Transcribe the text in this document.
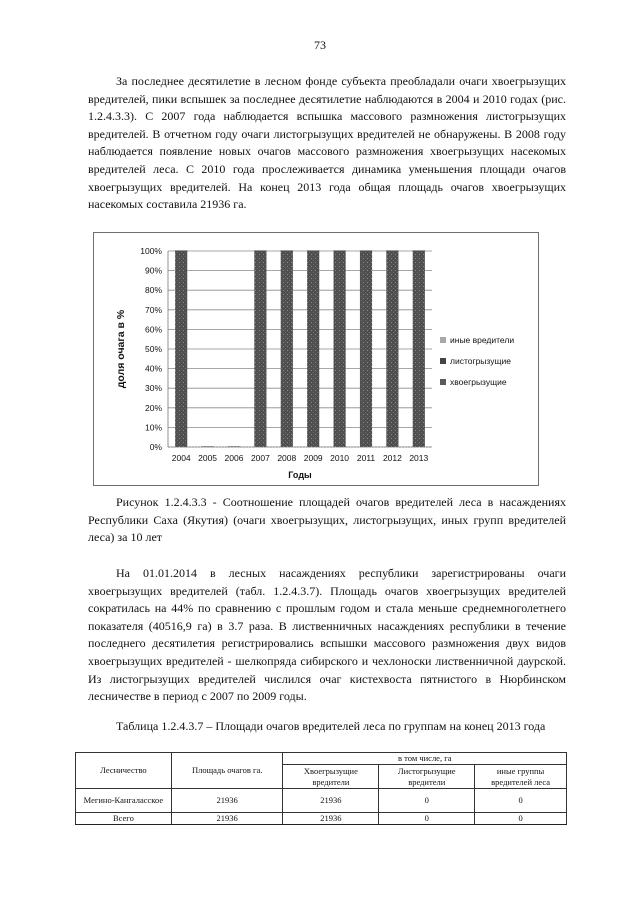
73

За последнее десятилетие в лесном фонде субъекта преобладали очаги хвоегрызущих вредителей, пики вспышек за последнее десятилетие наблюдаются в 2004 и 2010 годах (рис. 1.2.4.3.3). С 2007 года наблюдается вспышка массового размножения листогрызущих вредителей. В отчетном году очаги листогрызущих вредителей не обнаружены. В 2008 году наблюдается появление новых очагов массового размножения хвоегрызущих насекомых вредителей леса. С 2010 года прослеживается динамика уменьшения площади очагов хвоегрызущих вредителей. На конец 2013 года общая площадь очагов хвоегрызущих насекомых составила 21936 га.

0%
10%
20%
30%
40%
50%
60%
70%
80%
90%
100%
2004 2005 2006 2007 2008 2009 2010 2011 2012 2013
доля очага в %
Годы
иные вредители
листогрызущие
хвоегрызущие

Рисунок 1.2.4.3.3 - Соотношение площадей очагов вредителей леса в насаждениях Республики Саха (Якутия) (очаги хвоегрызущих, листогрызущих, иных групп вредителей леса) за 10 лет

На 01.01.2014 в лесных насаждениях республики зарегистрированы очаги хвоегрызущих вредителей (табл. 1.2.4.3.7). Площадь очагов хвоегрызущих вредителей сократилась на 44% по сравнению с прошлым годом и стала меньше среднемноголетнего показателя (40516,9 га) в 3.7 раза. В лиственничных насаждениях республики в течение последнего десятилетия регистрировались вспышки массового размножения двух видов хвоегрызущих вредителей - шелкопряда сибирского и чехлоноски лиственничной даурской. Из листогрызущих вредителей числился очаг кистехвоста пятнистого в Нюрбинском лесничестве в период с 2007 по 2009 годы.

Таблица 1.2.4.3.7 – Площади очагов вредителей леса по группам на конец 2013 года

Лесничество	Площадь очагов га.	в том числе, га		
		Хвоегрызущие вредители	Листогрызущие вредители	иные группы вредителей леса
Мегино-Кангаласское	21936	21936	0	0
Всего	21936	21936	0	0
